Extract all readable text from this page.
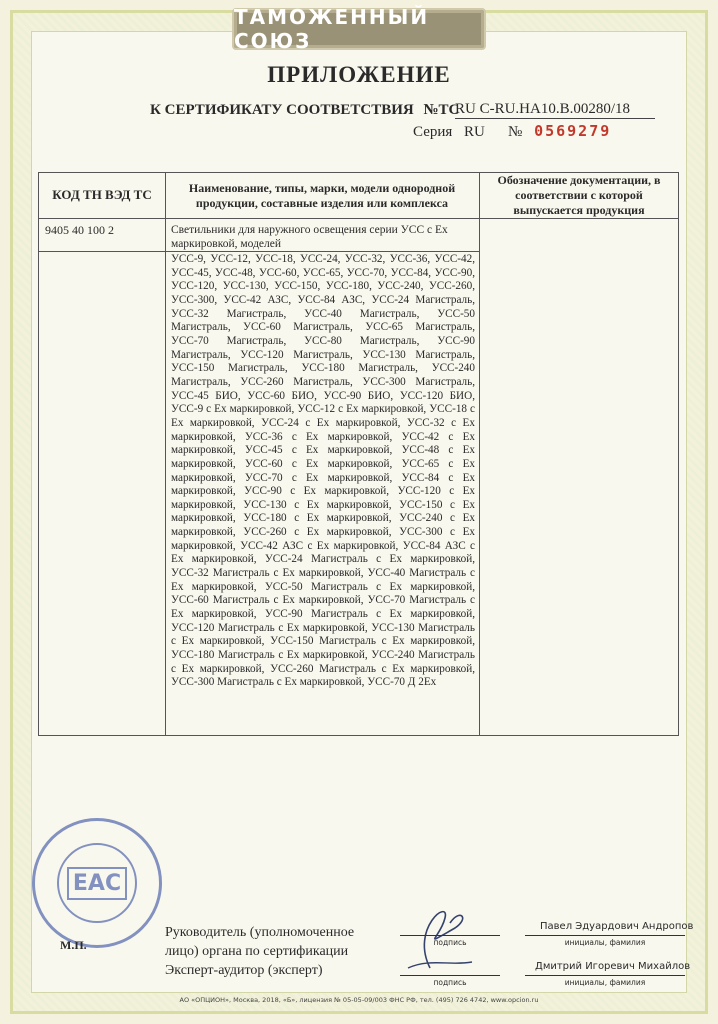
ТАМОЖЕННЫЙ СОЮЗ
ПРИЛОЖЕНИЕ
К СЕРТИФИКАТУ СООТВЕТСТВИЯ №ТС
RU С-RU.НА10.В.00280/18
Серия RU № 0569279
КОД ТН ВЭД ТС	Наименование, типы, марки, модели однородной продукции, составные изделия или комплекса
Обозначение документации, в соответствии с которой выпускается продукция
9405 40 100 2	Светильники для наружного освещения серии УСС с Ex маркировкой, моделей
УСС-9, УСС-12, УСС-18, УСС-24, УСС-32, УСС-36, УСС-42, УСС-45, УСС-48, УСС-60, УСС-65, УСС-70, УСС-84, УСС-90, УСС-120, УСС-130, УСС-150, УСС-180, УСС-240, УСС-260, УСС-300, УСС-42 АЗС, УСС-84 АЗС, УСС-24 Магистраль, УСС-32 Магистраль, УСС-40 Магистраль, УСС-50 Магистраль, УСС-60 Магистраль, УСС-65 Магистраль, УСС-70 Магистраль, УСС-80 Магистраль, УСС-90 Магистраль, УСС-120 Магистраль, УСС-130 Магистраль, УСС-150 Магистраль, УСС-180 Магистраль, УСС-240 Магистраль, УСС-260 Магистраль, УСС-300 Магистраль, УСС-45 БИО, УСС-60 БИО, УСС-90 БИО, УСС-120 БИО, УСС-9 с Ex маркировкой, УСС-12 с Ex маркировкой, УСС-18 с Ex маркировкой, УСС-24 с Ex маркировкой, УСС-32 с Ex маркировкой, УСС-36 с Ex маркировкой, УСС-42 с Ex маркировкой, УСС-45 с Ex маркировкой, УСС-48 с Ex маркировкой, УСС-60 с Ex маркировкой, УСС-65 с Ex маркировкой, УСС-70 с Ex маркировкой, УСС-84 с Ex маркировкой, УСС-90 с Ex маркировкой, УСС-120 с Ex маркировкой, УСС-130 с Ex маркировкой, УСС-150 с Ex маркировкой, УСС-180 с Ex маркировкой, УСС-240 с Ex маркировкой, УСС-260 с Ex маркировкой, УСС-300 с Ex маркировкой, УСС-42 АЗС с Ex маркировкой, УСС-84 АЗС с Ex маркировкой, УСС-24 Магистраль с Ex маркировкой, УСС-32 Магистраль с Ex маркировкой, УСС-40 Магистраль с Ex маркировкой, УСС-50 Магистраль с Ex маркировкой, УСС-60 Магистраль с Ex маркировкой, УСС-70 Магистраль с Ex маркировкой, УСС-90 Магистраль с Ex маркировкой, УСС-120 Магистраль с Ex маркировкой, УСС-130 Магистраль с Ex маркировкой, УСС-150 Магистраль с Ex маркировкой, УСС-180 Магистраль с Ex маркировкой, УСС-240 Магистраль с Ex маркировкой, УСС-260 Магистраль с Ex маркировкой, УСС-300 Магистраль с Ex маркировкой, УСС-70 Д 2Ex
ЕАС
М.П.
Руководитель (уполномоченное лицо) органа по сертификации
Эксперт-аудитор (эксперт)
подпись
Павел Эдуардович Андропов
инициалы, фамилия
подпись
Дмитрий Игоревич Михайлов
инициалы, фамилия
АО «ОПЦИОН», Москва, 2018, «Б», лицензия № 05-05-09/003 ФНС РФ, тел. (495) 726 4742, www.opcion.ru
